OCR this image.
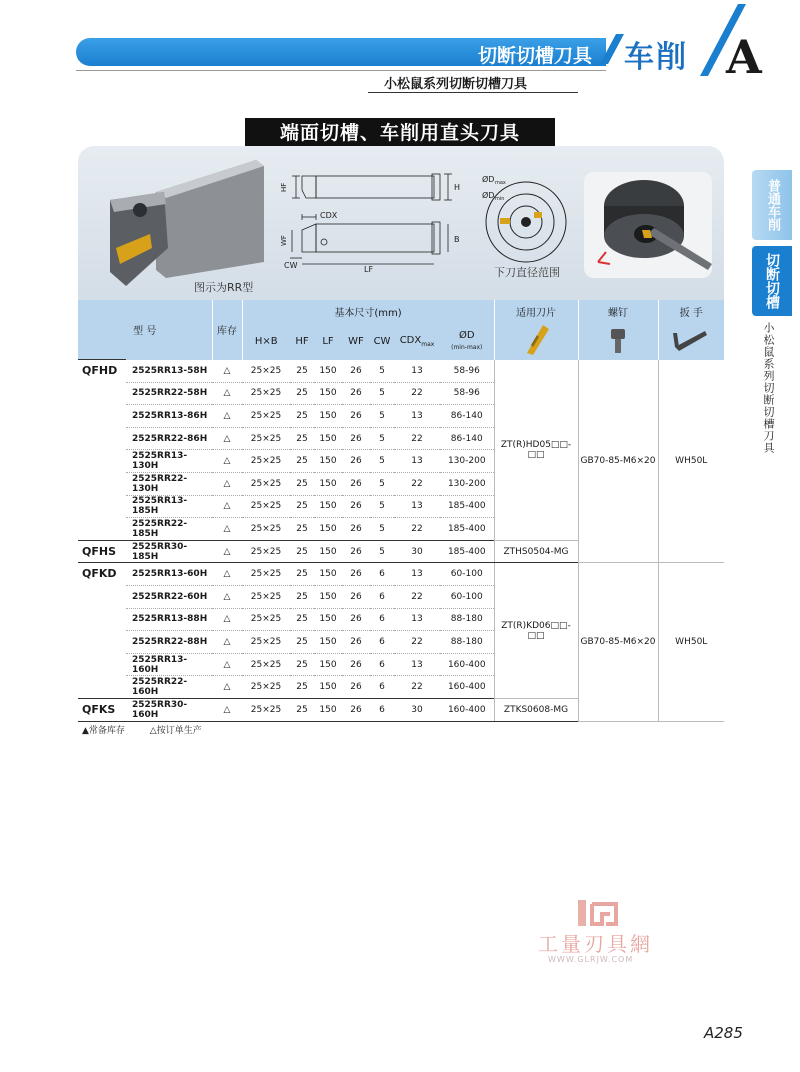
切断切槽刀具 车削 A
小松鼠系列切断切槽刀具
普通车削
切断切槽
小松鼠系列切断切槽刀具
端面切槽、车削用直头刀具
图示为RR型
HF	H
CDX
WF	B
CW	LF
ØD max
ØD min
下刀直径范围
型 号		库存	基本尺寸(mm)							适用刀片	螺钉	扳 手
			H×B	HF	LF	WF	CW	$CDX_{max}$	ØD
(min-max)			
QFHD	2525RR13-58H	△	25×25	25	150	26	5	13	58-96	ZT(R)HD05□□-□□	GB70-85-M6×20	WH50L
	2525RR22-58H	△	25×25	25	150	26	5	22	58-96			
	2525RR13-86H	△	25×25	25	150	26	5	13	86-140			
	2525RR22-86H	△	25×25	25	150	26	5	22	86-140			
	2525RR13-130H	△	25×25	25	150	26	5	13	130-200			
	2525RR22-130H	△	25×25	25	150	26	5	22	130-200			
	2525RR13-185H	△	25×25	25	150	26	5	13	185-400			
	2525RR22-185H	△	25×25	25	150	26	5	22	185-400			
QFHS	2525RR30-185H	△	25×25	25	150	26	5	30	185-400	ZTHS0504-MG		
QFKD	2525RR13-60H	△	25×25	25	150	26	6	13	60-100	ZT(R)KD06□□-□□	GB70-85-M6×20	WH50L
	2525RR22-60H	△	25×25	25	150	26	6	22	60-100			
	2525RR13-88H	△	25×25	25	150	26	6	13	88-180			
	2525RR22-88H	△	25×25	25	150	26	6	22	88-180			
	2525RR13-160H	△	25×25	25	150	26	6	13	160-400			
	2525RR22-160H	△	25×25	25	150	26	6	22	160-400			
QFKS	2525RR30-160H	△	25×25	25	150	26	6	30	160-400	ZTKS0608-MG		
▲常备库存	△按订单生产
工量刃具網
WWW.GLRJW.COM
A285
